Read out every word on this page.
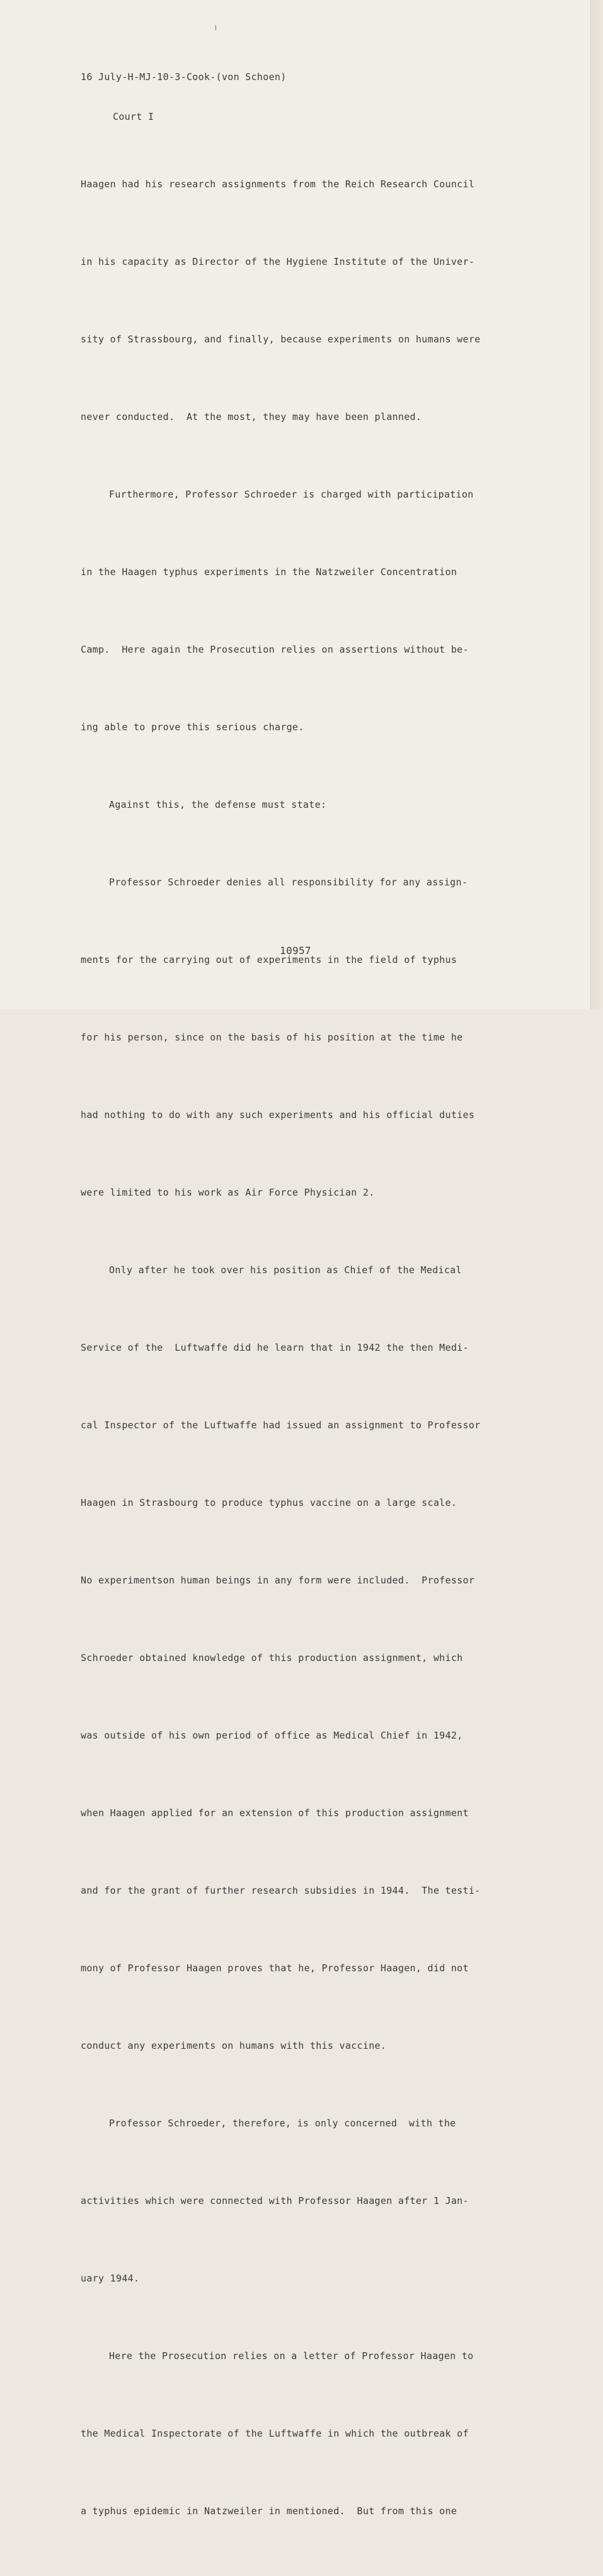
16 July-H-MJ-10-3-Cook-(von Schoen)

Court I

Haagen had his research assignments from the Reich Research Council

in his capacity as Director of the Hygiene Institute of the Univer-

sity of Strassbourg, and finally, because experiments on humans were

never conducted.  At the most, they may have been planned.

Furthermore, Professor Schroeder is charged with participation

in the Haagen typhus experiments in the Natzweiler Concentration

Camp.  Here again the Prosecution relies on assertions without be-

ing able to prove this serious charge.

Against this, the defense must state:

Professor Schroeder denies all responsibility for any assign-

ments for the carrying out of experiments in the field of typhus

for his person, since on the basis of his position at the time he

had nothing to do with any such experiments and his official duties

were limited to his work as Air Force Physician 2.

Only after he took over his position as Chief of the Medical

Service of the  Luftwaffe did he learn that in 1942 the then Medi-

cal Inspector of the Luftwaffe had issued an assignment to Professor

Haagen in Strasbourg to produce typhus vaccine on a large scale.

No experimentson human beings in any form were included.  Professor

Schroeder obtained knowledge of this production assignment, which

was outside of his own period of office as Medical Chief in 1942,

when Haagen applied for an extension of this production assignment

and for the grant of further research subsidies in 1944.  The testi-

mony of Professor Haagen proves that he, Professor Haagen, did not

conduct any experiments on humans with this vaccine.

Professor Schroeder, therefore, is only concerned  with the

activities which were connected with Professor Haagen after 1 Jan-

uary 1944.

Here the Prosecution relies on a letter of Professor Haagen to

the Medical Inspectorate of the Luftwaffe in which the outbreak of

a typhus epidemic in Natzweiler in mentioned.  But from this one

10957
